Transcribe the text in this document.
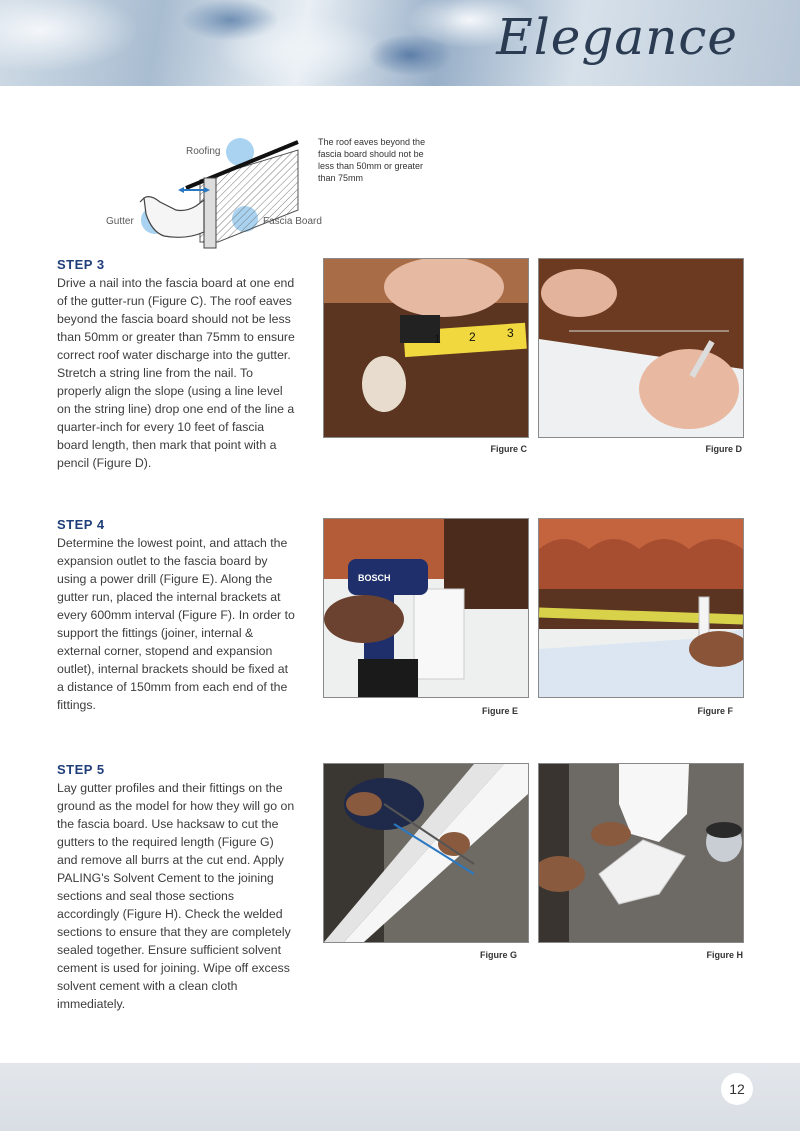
Elegance
Roofing
Gutter	Fascia Board
The roof eaves beyond the fascia board should not be less than 50mm or greater than 75mm
STEP 3
Drive a nail into the fascia board at one end of the gutter-run (Figure C). The roof eaves beyond the fascia board should not be less than 50mm or greater than 75mm to ensure correct roof water discharge into the gutter. Stretch a string line from the nail. To properly align the slope (using a line level on the string line) drop one end of the line a quarter-inch for every 10 feet of fascia board length, then mark that point with a pencil (Figure D).
1 2	3
Figure C	Figure D
STEP 4
Determine the lowest point, and attach the expansion outlet to the fascia board by using a power drill (Figure E). Along the gutter run, placed the internal brackets at every 600mm interval (Figure F). In order to support the fittings (joiner, internal & external corner, stopend and expansion outlet), internal brackets should be fixed at a distance of 150mm from each end of the fittings.
BOSCH
Figure E	Figure F
STEP 5
Lay gutter profiles and their fittings on the ground as the model for how they will go on the fascia board. Use hacksaw to cut the gutters to the required length (Figure G) and remove all burrs at the cut end. Apply PALING's Solvent Cement to the joining sections and seal those sections accordingly (Figure H). Check the welded sections to ensure that they are completely sealed together. Ensure sufficient solvent cement is used for joining. Wipe off excess solvent cement with a clean cloth immediately.
Figure G	Figure H
12
